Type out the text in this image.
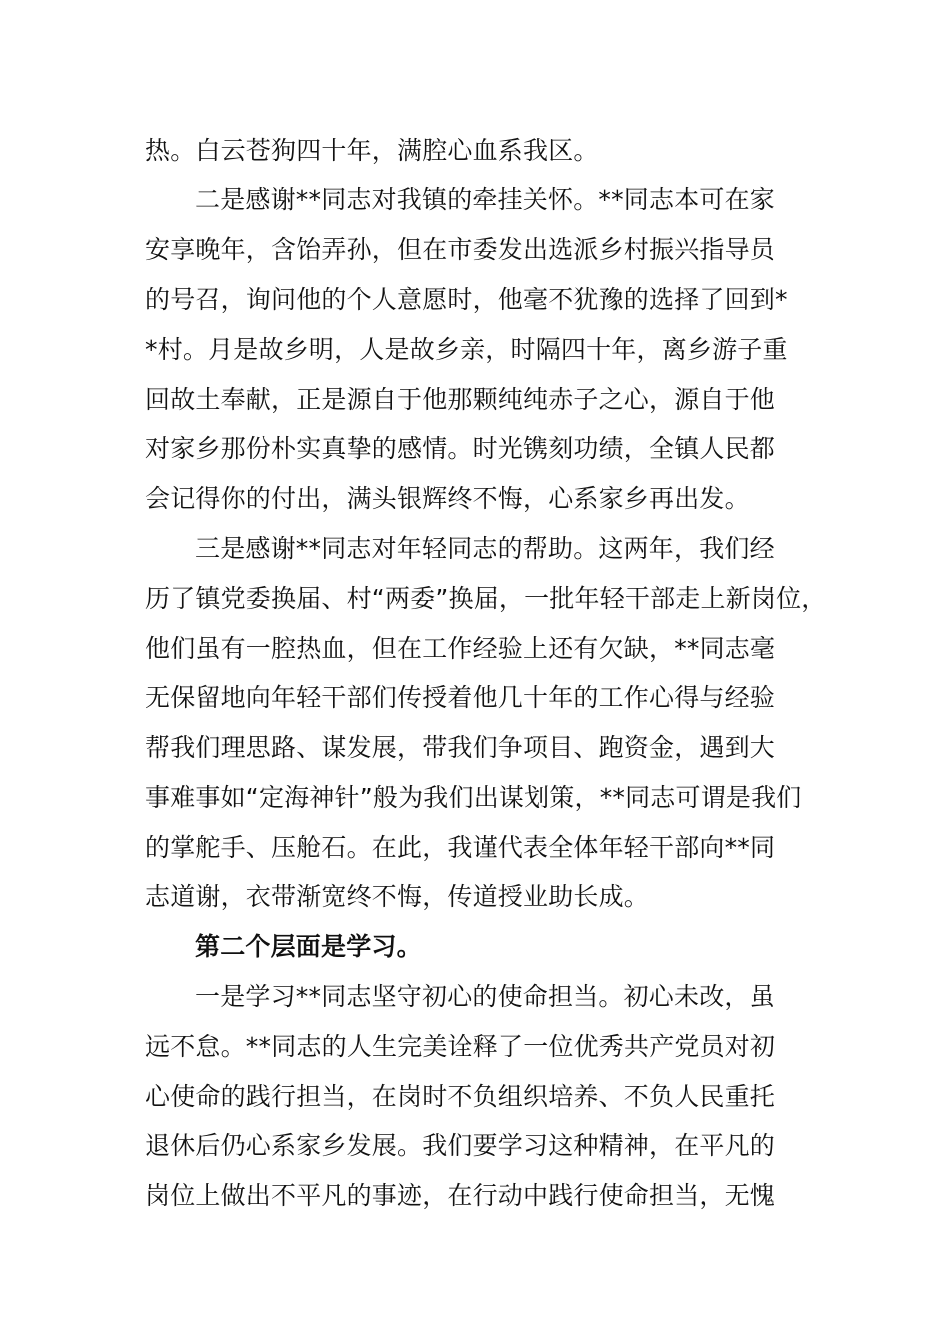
热。白云苍狗四十年，满腔心血系我区。
二是感谢**同志对我镇的牵挂关怀。**同志本可在家
安享晚年，含饴弄孙，但在市委发出选派乡村振兴指导员
的号召，询问他的个人意愿时，他毫不犹豫的选择了回到*
*村。月是故乡明，人是故乡亲，时隔四十年，离乡游子重
回故土奉献，正是源自于他那颗纯纯赤子之心，源自于他
对家乡那份朴实真挚的感情。时光镌刻功绩，全镇人民都
会记得你的付出，满头银辉终不悔，心系家乡再出发。
三是感谢**同志对年轻同志的帮助。这两年，我们经
历了镇党委换届、村“两委”换届，一批年轻干部走上新岗位，
他们虽有一腔热血，但在工作经验上还有欠缺，**同志毫
无保留地向年轻干部们传授着他几十年的工作心得与经验
帮我们理思路、谋发展，带我们争项目、跑资金，遇到大
事难事如“定海神针”般为我们出谋划策，**同志可谓是我们
的掌舵手、压舱石。在此，我谨代表全体年轻干部向**同
志道谢，衣带渐宽终不悔，传道授业助长成。
第二个层面是学习。
一是学习**同志坚守初心的使命担当。初心未改，虽
远不怠。**同志的人生完美诠释了一位优秀共产党员对初
心使命的践行担当，在岗时不负组织培养、不负人民重托
退休后仍心系家乡发展。我们要学习这种精神，在平凡的
岗位上做出不平凡的事迹，在行动中践行使命担当，无愧
